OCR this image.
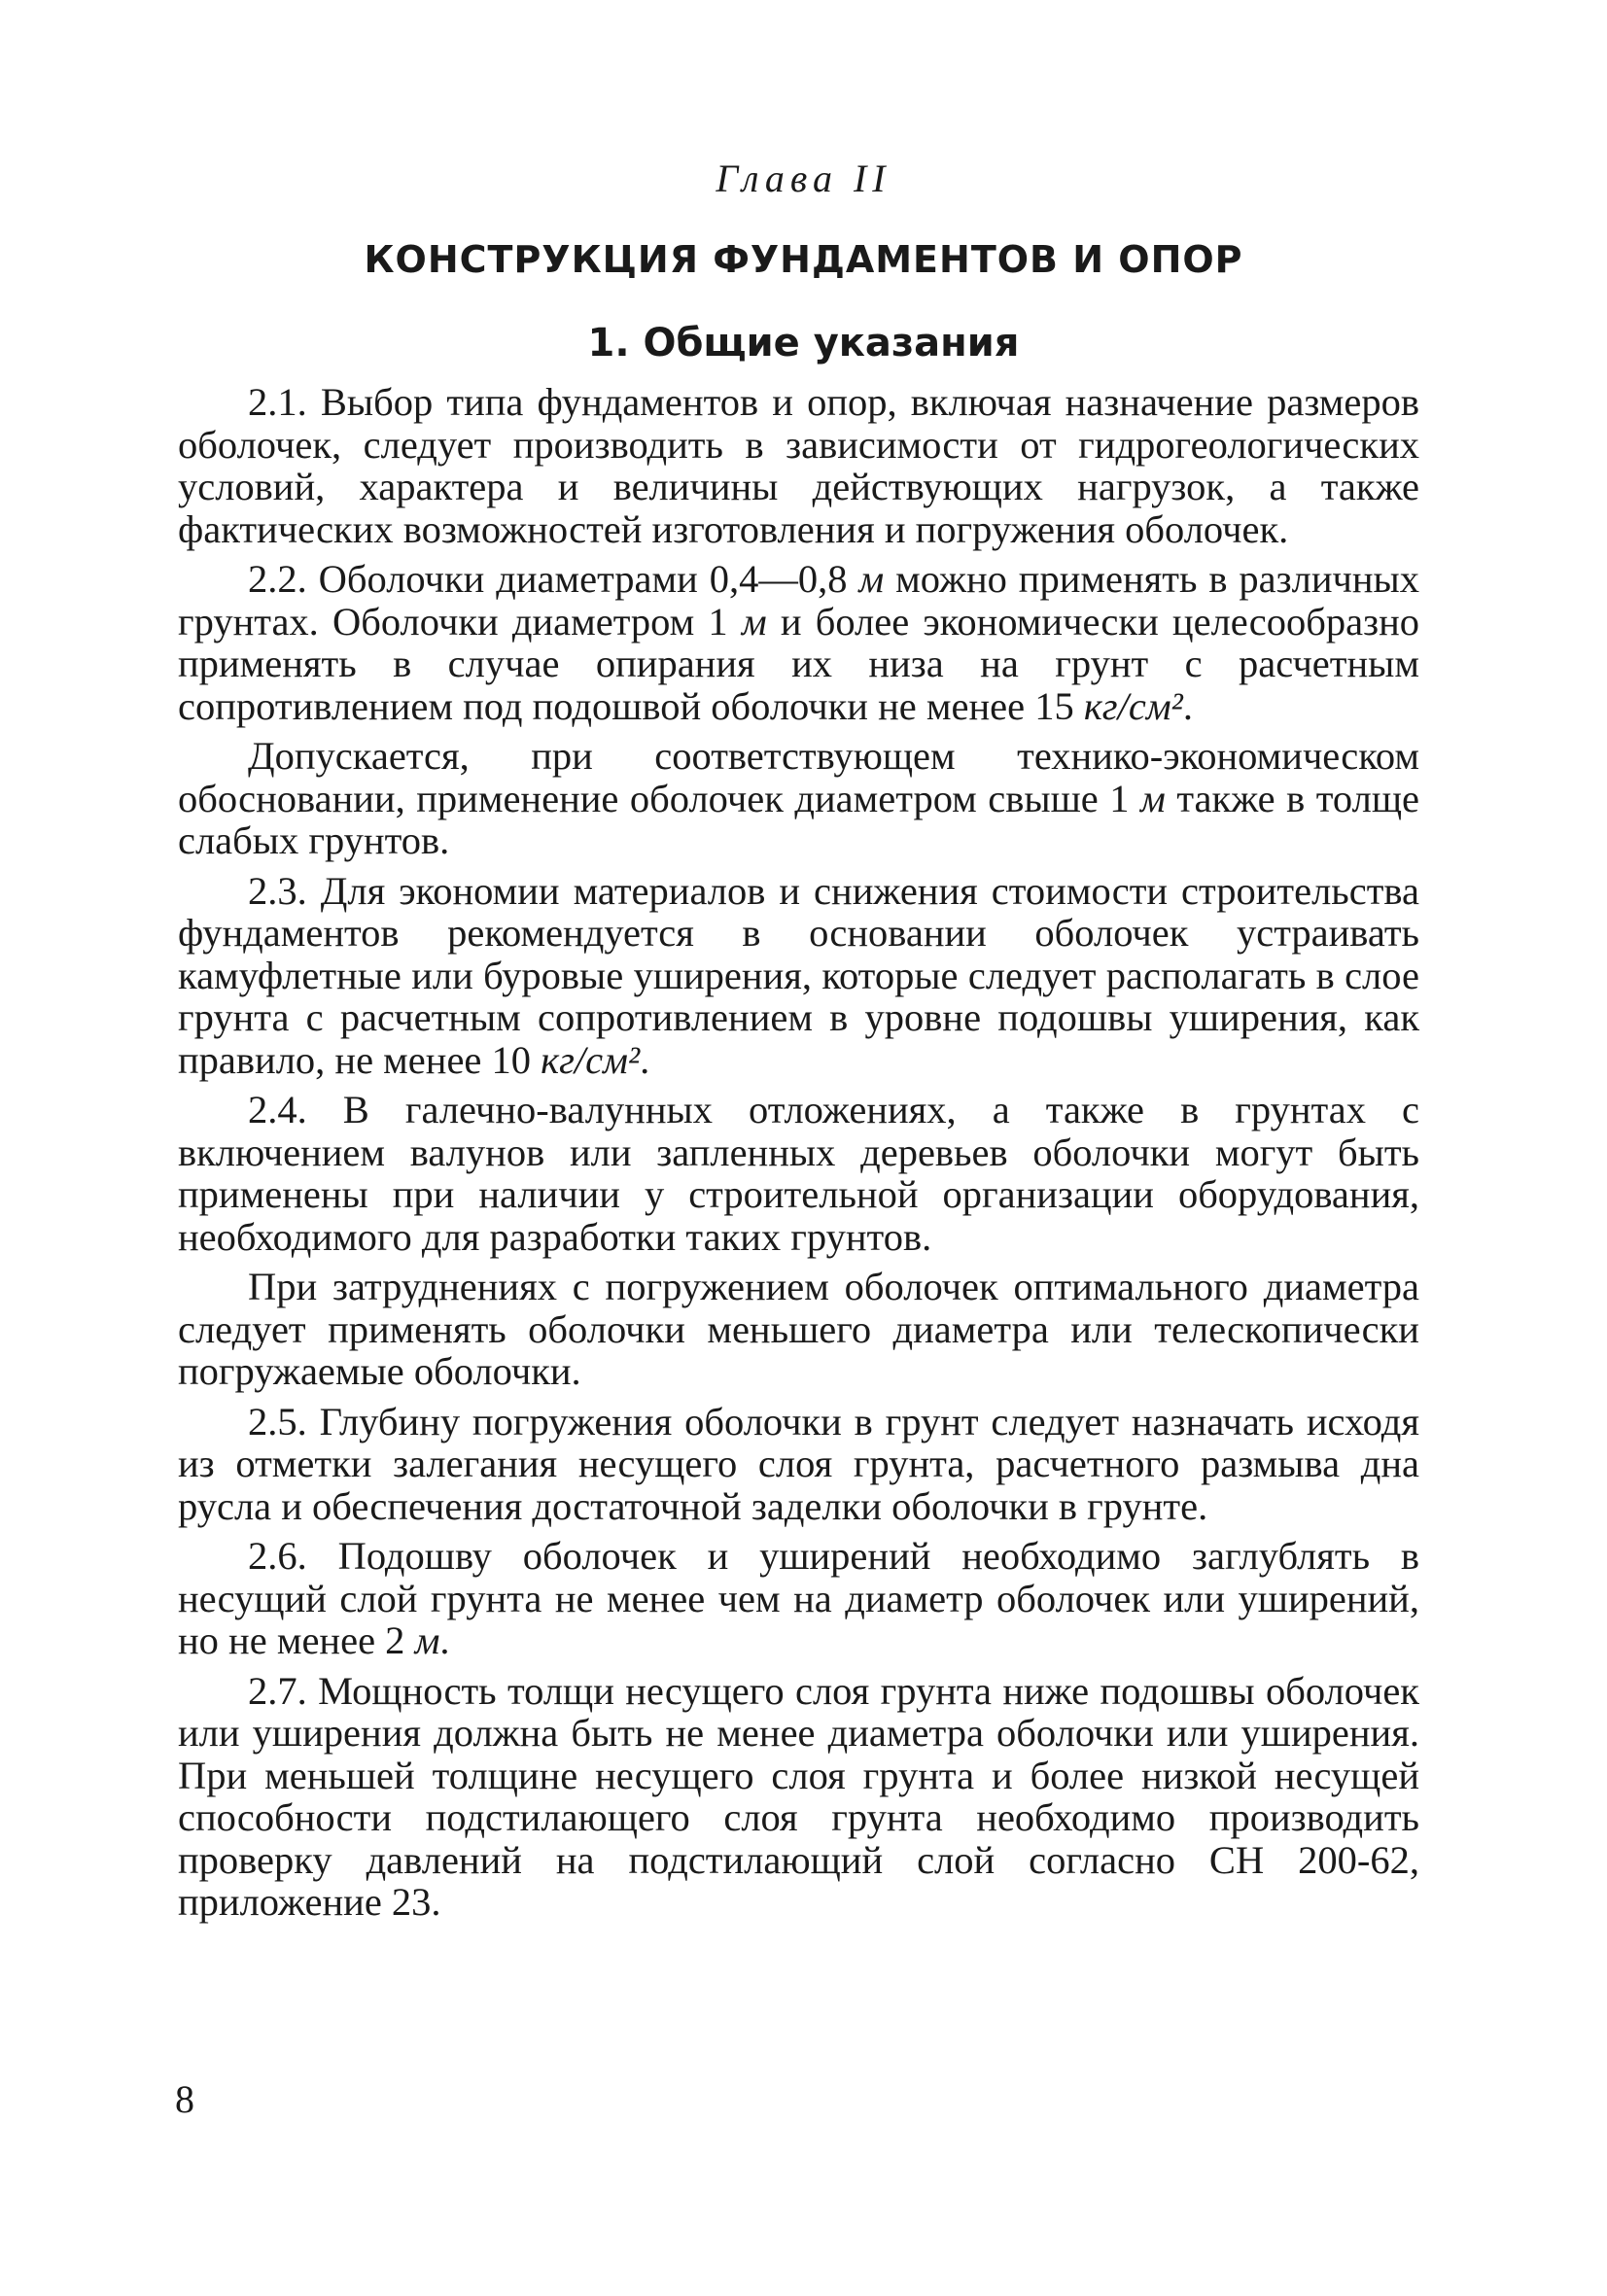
Глава II

КОНСТРУКЦИЯ ФУНДАМЕНТОВ И ОПОР
1. Общие указания

2.1. Выбор типа фундаментов и опор, включая назначение размеров оболочек, следует производить в зависимости от гидрогеологических условий, характера и величины действующих нагрузок, а также фактических возможностей изготовления и погружения оболочек.

2.2. Оболочки диаметрами 0,4—0,8 м можно применять в различных грунтах. Оболочки диаметром 1 м и более экономически целесообразно применять в случае опирания их низа на грунт с расчетным сопротивлением под подошвой оболочки не менее 15 кг/см².

Допускается, при соответствующем технико-экономическом обосновании, применение оболочек диаметром свыше 1 м также в толще слабых грунтов.

2.3. Для экономии материалов и снижения стоимости строительства фундаментов рекомендуется в основании оболочек устраивать камуфлетные или буровые уширения, которые следует располагать в слое грунта с расчетным сопротивлением в уровне подошвы уширения, как правило, не менее 10 кг/см².

2.4. В галечно-валунных отложениях, а также в грунтах с включением валунов или запленных деревьев оболочки могут быть применены при наличии у строительной организации оборудования, необходимого для разработки таких грунтов.

При затруднениях с погружением оболочек оптимального диаметра следует применять оболочки меньшего диаметра или телескопически погружаемые оболочки.

2.5. Глубину погружения оболочки в грунт следует назначать исходя из отметки залегания несущего слоя грунта, расчетного размыва дна русла и обеспечения достаточной заделки оболочки в грунте.

2.6. Подошву оболочек и уширений необходимо заглублять в несущий слой грунта не менее чем на диаметр оболочек или уширений, но не менее 2 м.

2.7. Мощность толщи несущего слоя грунта ниже подошвы оболочек или уширения должна быть не менее диаметра оболочки или уширения. При меньшей толщине несущего слоя грунта и более низкой несущей способности подстилающего слоя грунта необходимо производить проверку давлений на подстилающий слой согласно СН 200-62, приложение 23.

8
